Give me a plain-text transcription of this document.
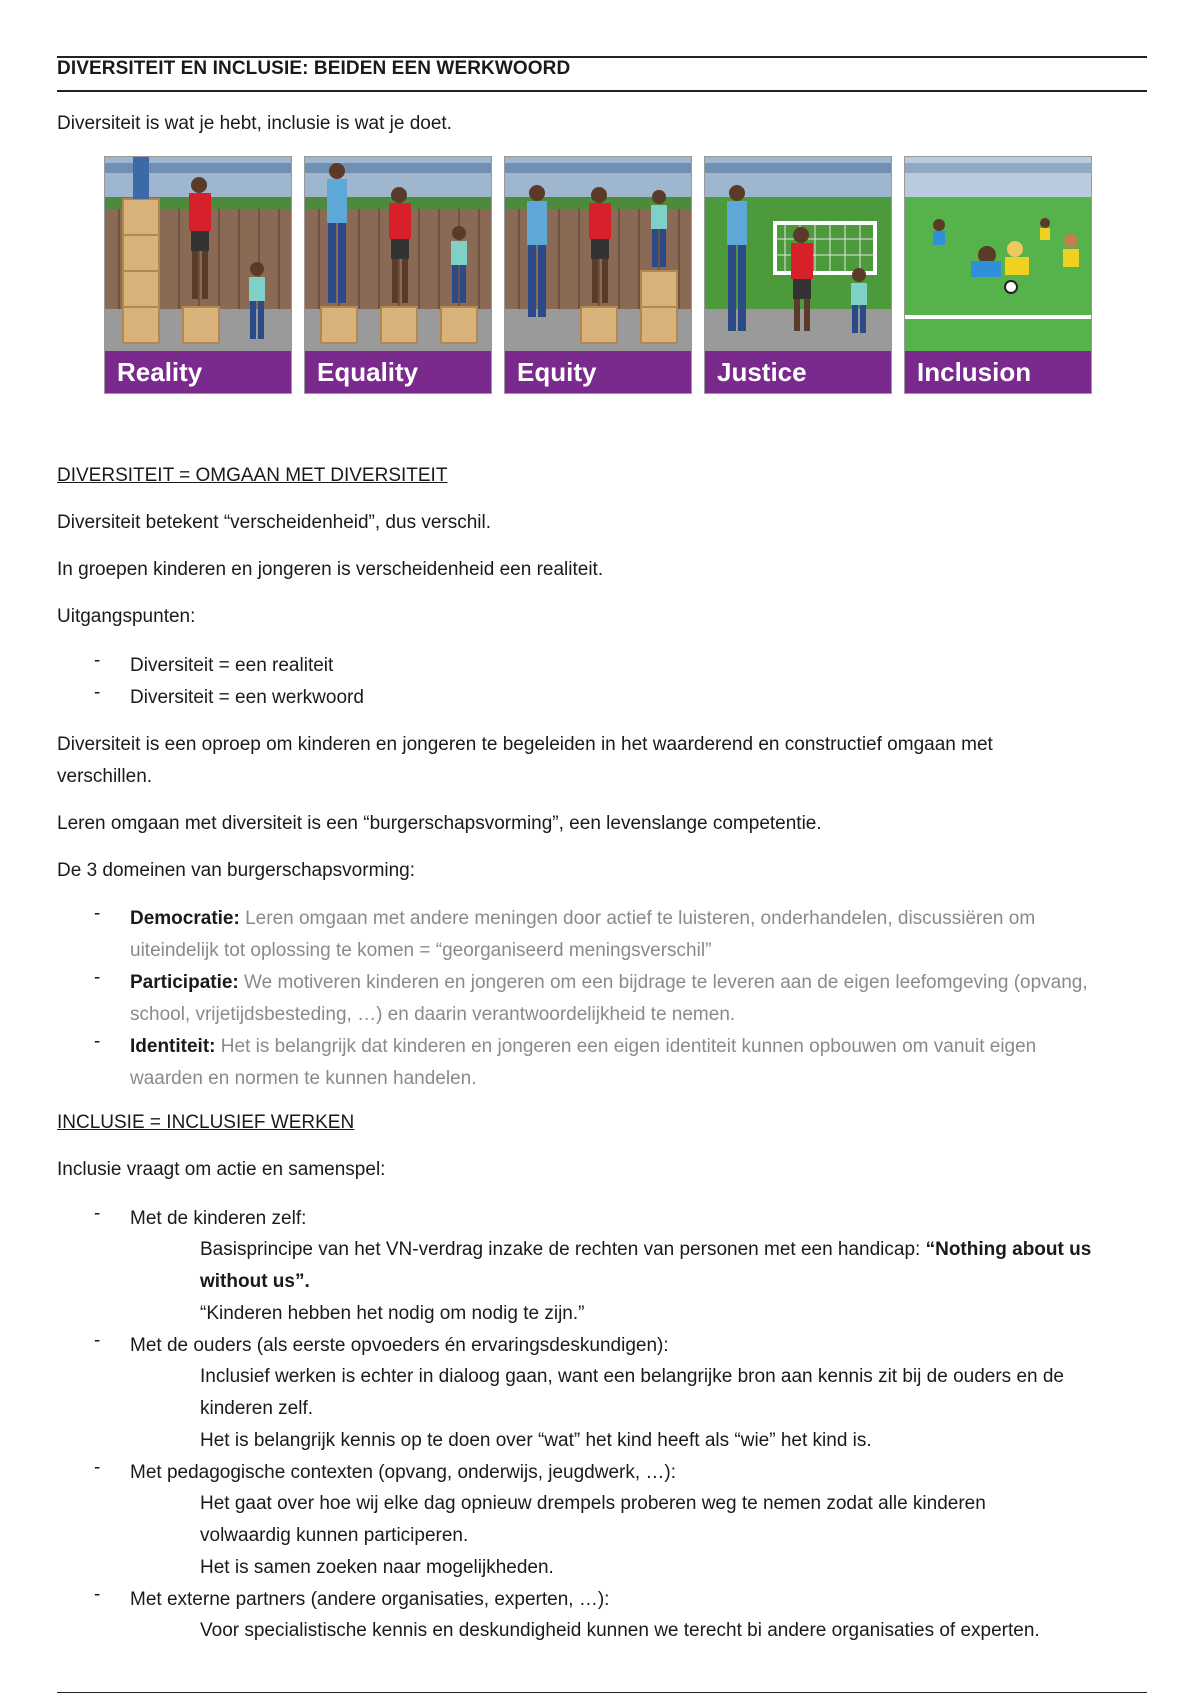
DIVERSITEIT EN INCLUSIE: BEIDEN EEN WERKWOORD

Diversiteit is wat je hebt, inclusie is wat je doet.

Reality	Equality	Equity	Justice	Inclusion

DIVERSITEIT = OMGAAN MET DIVERSITEIT

Diversiteit betekent “verscheidenheid”, dus verschil.

In groepen kinderen en jongeren is verscheidenheid een realiteit.

Uitgangspunten:

- Diversiteit = een realiteit
- Diversiteit = een werkwoord

Diversiteit is een oproep om kinderen en jongeren te begeleiden in het waarderend en constructief omgaan met

verschillen.

Leren omgaan met diversiteit is een “burgerschapsvorming”, een levenslange competentie.

De 3 domeinen van burgerschapsvorming:

- Democratie: Leren omgaan met andere meningen door actief te luisteren, onderhandelen, discussiëren om
uiteindelijk tot oplossing te komen = “georganiseerd meningsverschil”
- Participatie: We motiveren kinderen en jongeren om een bijdrage te leveren aan de eigen leefomgeving (opvang,
school, vrijetijdsbesteding, …) en daarin verantwoordelijkheid te nemen.
- Identiteit: Het is belangrijk dat kinderen en jongeren een eigen identiteit kunnen opbouwen om vanuit eigen
waarden en normen te kunnen handelen.

INCLUSIE = INCLUSIEF WERKEN

Inclusie vraagt om actie en samenspel:

- Met de kinderen zelf:
Basisprincipe van het VN-verdrag inzake de rechten van personen met een handicap: “Nothing about us
without us”.
“Kinderen hebben het nodig om nodig te zijn.”
- Met de ouders (als eerste opvoeders én ervaringsdeskundigen):
Inclusief werken is echter in dialoog gaan, want een belangrijke bron aan kennis zit bij de ouders en de
kinderen zelf.
Het is belangrijk kennis op te doen over “wat” het kind heeft als “wie” het kind is.
- Met pedagogische contexten (opvang, onderwijs, jeugdwerk, …):
Het gaat over hoe wij elke dag opnieuw drempels proberen weg te nemen zodat alle kinderen
volwaardig kunnen participeren.
Het is samen zoeken naar mogelijkheden.
- Met externe partners (andere organisaties, experten, …):
Voor specialistische kennis en deskundigheid kunnen we terecht bi andere organisaties of experten.
